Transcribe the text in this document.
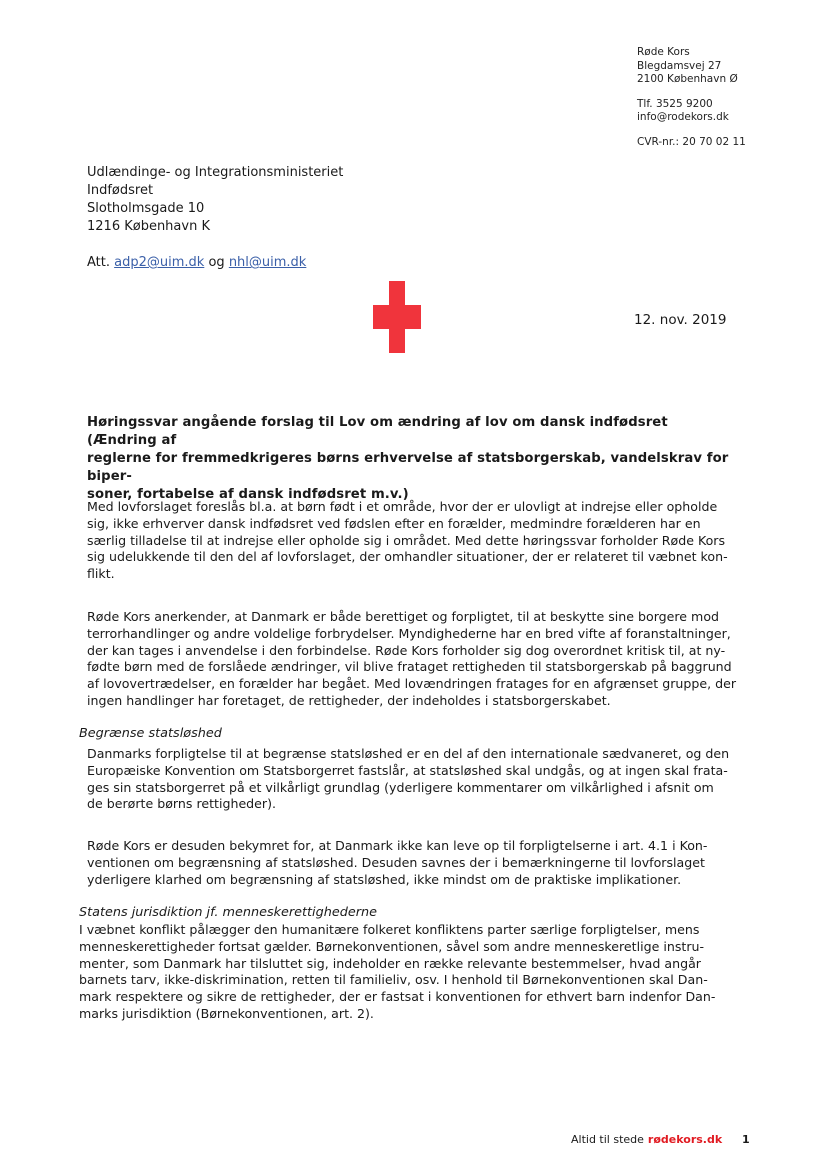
Røde Kors
Blegdamsvej 27
2100 København Ø
Tlf. 3525 9200
info@rodekors.dk
CVR-nr.: 20 70 02 11
Udlændinge- og Integrationsministeriet
Indfødsret
Slotholmsgade 10
1216 København K
Att. adp2@uim.dk og nhl@uim.dk
12. nov. 2019
Høringssvar angående forslag til Lov om ændring af lov om dansk indfødsret (Ændring af
reglerne for fremmedkrigeres børns erhvervelse af statsborgerskab, vandelskrav for biper-
soner, fortabelse af dansk indfødsret m.v.)
Med lovforslaget foreslås bl.a. at børn født i et område, hvor der er ulovligt at indrejse eller opholde
sig, ikke erhverver dansk indfødsret ved fødslen efter en forælder, medmindre forælderen har en
særlig tilladelse til at indrejse eller opholde sig i området. Med dette høringssvar forholder Røde Kors
sig udelukkende til den del af lovforslaget, der omhandler situationer, der er relateret til væbnet kon-
flikt.
Røde Kors anerkender, at Danmark er både berettiget og forpligtet, til at beskytte sine borgere mod
terrorhandlinger og andre voldelige forbrydelser. Myndighederne har en bred vifte af foranstaltninger,
der kan tages i anvendelse i den forbindelse. Røde Kors forholder sig dog overordnet kritisk til, at ny-
fødte børn med de forslåede ændringer, vil blive frataget rettigheden til statsborgerskab på baggrund
af lovovertrædelser, en forælder har begået. Med lovændringen fratages for en afgrænset gruppe, der
ingen handlinger har foretaget, de rettigheder, der indeholdes i statsborgerskabet.
Begrænse statsløshed
Danmarks forpligtelse til at begrænse statsløshed er en del af den internationale sædvaneret, og den
Europæiske Konvention om Statsborgerret fastslår, at statsløshed skal undgås, og at ingen skal frata-
ges sin statsborgerret på et vilkårligt grundlag (yderligere kommentarer om vilkårlighed i afsnit om
de berørte børns rettigheder).
Røde Kors er desuden bekymret for, at Danmark ikke kan leve op til forpligtelserne i art. 4.1 i Kon-
ventionen om begrænsning af statsløshed. Desuden savnes der i bemærkningerne til lovforslaget
yderligere klarhed om begrænsning af statsløshed, ikke mindst om de praktiske implikationer.
Statens jurisdiktion jf. menneskerettighederne
I væbnet konflikt pålægger den humanitære folkeret konfliktens parter særlige forpligtelser, mens
menneskerettigheder fortsat gælder. Børnekonventionen, såvel som andre menneskeretlige instru-
menter, som Danmark har tilsluttet sig, indeholder en række relevante bestemmelser, hvad angår
barnets tarv, ikke-diskrimination, retten til familieliv, osv. I henhold til Børnekonventionen skal Dan-
mark respektere og sikre de rettigheder, der er fastsat i konventionen for ethvert barn indenfor Dan-
marks jurisdiktion (Børnekonventionen, art. 2).
Altid til stede rødekors.dk 1
